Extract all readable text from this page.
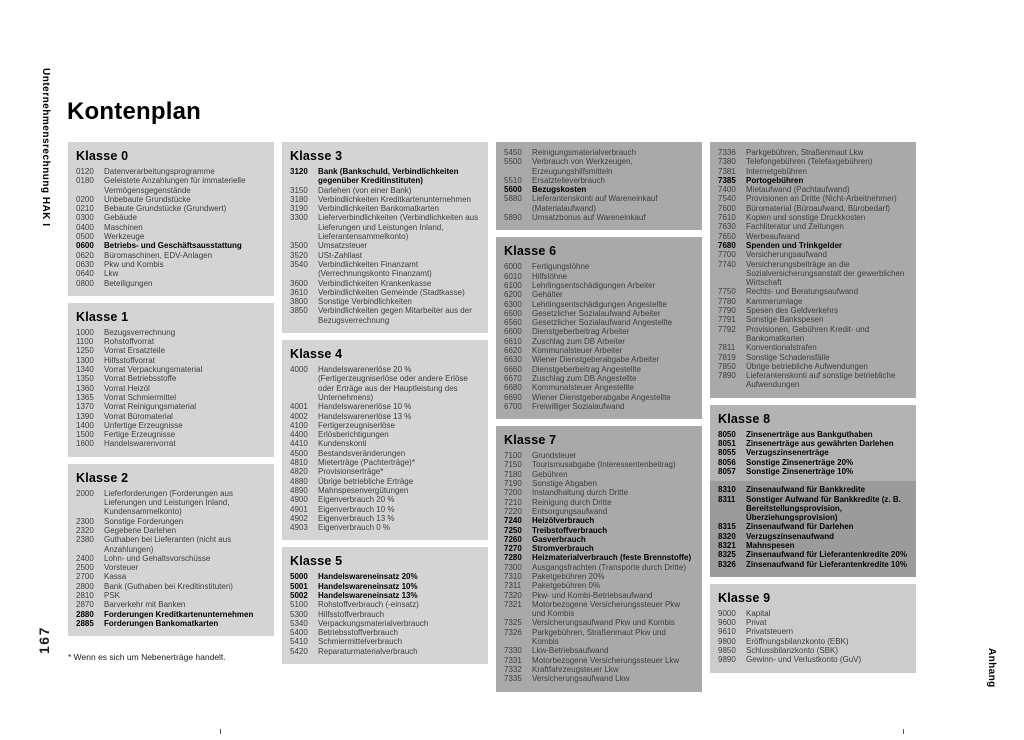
Unternehmensrechnung HAK I Kontenplan
Klasse 0
0120	Datenverarbeitungsprogramme
0180	Geleistete Anzahlungen für immaterielle Vermögensgegenstände
0200	Unbebaute Grundstücke
0210	Bebaute Grundstücke (Grundwert)
0300	Gebäude
0400	Maschinen
0500	Werkzeuge
0600	Betriebs- und Geschäftsausstattung
0620	Büromaschinen, EDV-Anlagen
0630	Pkw und Kombis
0640	Lkw
0800	Beteiligungen
Klasse 1
1000	Bezugsverrechnung
1100	Rohstoffvorrat
1250	Vorrat Ersatzteile
1300	Hilfsstoffvorrat
1340	Vorrat Verpackungsmaterial
1350	Vorrat Betriebsstoffe
1360	Vorrat Heizöl
1365	Vorrat Schmiermittel
1370	Vorrat Reinigungsmaterial
1390	Vorrat Büromaterial
1400	Unfertige Erzeugnisse
1500	Fertige Erzeugnisse
1600	Handelswarenvorrat
Klasse 2
2000	Lieferforderungen (Forderungen aus Lieferungen und Leistungen Inland, Kundensammelkonto)
2300	Sonstige Forderungen
2320	Gegebene Darlehen
2380	Guthaben bei Lieferanten (nicht aus Anzahlungen)
2400	Lohn- und Gehaltsvorschüsse
2500	Vorsteuer
2700	Kassa
2800	Bank (Guthaben bei Kreditinstituten)
2810	PSK
2870	Barverkehr mit Banken
2880	Forderungen Kreditkartenunternehmen
2885	Forderungen Bankomatkarten
Klasse 3
3120	Bank (Bankschuld, Verbindlichkeiten gegenüber Kreditinstituten)
3150	Darlehen (von einer Bank)
3180	Verbindlichkeiten Kreditkartenunternehmen
3190	Verbindlichkeiten Bankomatkarten
3300	Lieferverbindlichkeiten (Verbindlichkeiten aus Lieferungen und Leistungen Inland, Lieferantensammelkonto)
3500	Umsatzsteuer
3520	USt-Zahllast
3540	Verbindlichkeiten Finanzamt (Verrechnungskonto Finanzamt)
3600	Verbindlichkeiten Krankenkasse
3610	Verbindlichkeiten Gemeinde (Stadtkasse)
3800	Sonstige Verbindlichkeiten
3850	Verbindlichkeiten gegen Mitarbeiter aus der Bezugsverrechnung
Klasse 4
4000	Handelswarenerlöse 20 % (Fertigerzeugniserlöse oder andere Erlöse oder Erträge aus der Hauptleistung des Unternehmens)
4001	Handelswarenerlöse 10 %
4002	Handelswarenerlöse 13 %
4100	Fertigerzeugniserlöse
4400	Erlösberichtigungen
4410	Kundenskonti
4500	Bestandsveränderungen
4810	Mieterträge (Pachterträge)*
4820	Provisionserträge*
4880	Übrige betriebliche Erträge
4890	Mahnspesenvergütungen
4900	Eigenverbrauch 20 %
4901	Eigenverbrauch 10 %
4902	Eigenverbrauch 13 %
4903	Eigenverbrauch 0 %
Klasse 5
5000	Handelswareneinsatz 20%
5001	Handelswareneinsatz 10%
5002	Handelswareneinsatz 13%
5100	Rohstoffverbrauch (-einsatz)
5300	Hilfsstoffverbrauch
5340	Verpackungsmaterialverbrauch
5400	Betriebsstoffverbrauch
5410	Schmiermittelverbrauch
5420	Reparaturmaterialverbrauch
5450	Reinigungsmaterialverbrauch
5500	Verbrauch von Werkzeugen, Erzeugungshilfsmitteln
5510	Ersatzteileverbrauch
5600	Bezugskosten
5880	Lieferantenskonti auf Wareneinkauf (Materialaufwand)
5890	Umsatzbonus auf Wareneinkauf
Klasse 6
6000	Fertigungslöhne
6010	Hilfslöhne
6100	Lehrlingsentschädigungen Arbeiter
6200	Gehälter
6300	Lehrlingsentschädigungen Angestellte
6500	Gesetzlicher Sozialaufwand Arbeiter
6560	Gesetzlicher Sozialaufwand Angestellte
6600	Dienstgeberbeitrag Arbeiter
6610	Zuschlag zum DB Arbeiter
6620	Kommunalsteuer Arbeiter
6630	Wiener Dienstgeberabgabe Arbeiter
6660	Dienstgeberbeitrag Angestellte
6670	Zuschlag zum DB Angestellte
6680	Kommunalsteuer Angestellte
6690	Wiener Dienstgeberabgabe Angestellte
6700	Freiwilliger Sozialaufwand
Klasse 7
7100	Grundsteuer
7150	Tourismusabgabe (Interessentenbeitrag)
7180	Gebühren
7190	Sonstige Abgaben
7200	Instandhaltung durch Dritte
7210	Reinigung durch Dritte
7220	Entsorgungsaufwand
7240	Heizölverbrauch
7250	Treibstoffverbrauch
7260	Gasverbrauch
7270	Stromverbrauch
7280	Heizmaterialverbrauch (feste Brennstoffe)
7300	Ausgangsfrachten (Transporte durch Dritte)
7310	Paketgebühren 20%
7311	Paketgebühren 0%
7320	Pkw- und Kombi-Betriebsaufwand
7321	Motorbezogene Versicherungssteuer Pkw und Kombis
7325	Versicherungsaufwand Pkw und Kombis
7326	Parkgebühren, Straßenmaut Pkw und Kombis
7330	Lkw-Betriebsaufwand
7331	Motorbezogene Versicherungssteuer Lkw
7332	Kraftfahrzeugsteuer Lkw
7335	Versicherungsaufwand Lkw
7336	Parkgebühren, Straßenmaut Lkw
7380	Telefongebühren (Telefaxgebühren)
7381	Internetgebühren
7385	Portogebühren
7400	Mietaufwand (Pachtaufwand)
7540	Provisionen an Dritte (Nicht-Arbeitnehmer)
7600	Büromaterial (Büroaufwand, Bürobedarf)
7610	Kopien und sonstige Druckkosten
7630	Fachliteratur und Zeitungen
7650	Werbeaufwand
7680	Spenden und Trinkgelder
7700	Versicherungsaufwand
7740	Versicherungsbeiträge an die Sozialversicherungsanstalt der gewerblichen Wirtschaft
7750	Rechts- und Beratungsaufwand
7780	Kammerumlage
7790	Spesen des Geldverkehrs
7791	Sonstige Bankspesen
7792	Provisionen, Gebühren Kredit- und Bankomatkarten
7811	Konventionalstrafen
7819	Sonstige Schadensfälle
7850	Übrige betriebliche Aufwendungen
7890	Lieferantenskonti auf sonstige betriebliche Aufwendungen
Klasse 8
8050	Zinsenerträge aus Bankguthaben
8051	Zinsenerträge aus gewährten Darlehen
8055	Verzugszinsenerträge
8056	Sonstige Zinsenerträge 20%
8057	Sonstige Zinsenerträge 10%
8310	Zinsenaufwand für Bankkredite
8311	Sonstiger Aufwand für Bankkredite (z. B. Bereitstellungsprovision, Überziehungsprovision)
8315	Zinsenaufwand für Darlehen
8320	Verzugszinsenaufwand
8321	Mahnspesen
8325	Zinsenaufwand für Lieferantenkredite 20%
8326	Zinsenaufwand für Lieferantenkredite 10%
Klasse 9
9000	Kapital
9600	Privat
9610	Privatsteuern
9800	Eröffnungsbilanzkonto (EBK)
9850	Schlussbilanzkonto (SBK)
9890	Gewinn- und Verlustkonto (GuV)
* Wenn es sich um Nebenerträge handelt.
167
Anhang
